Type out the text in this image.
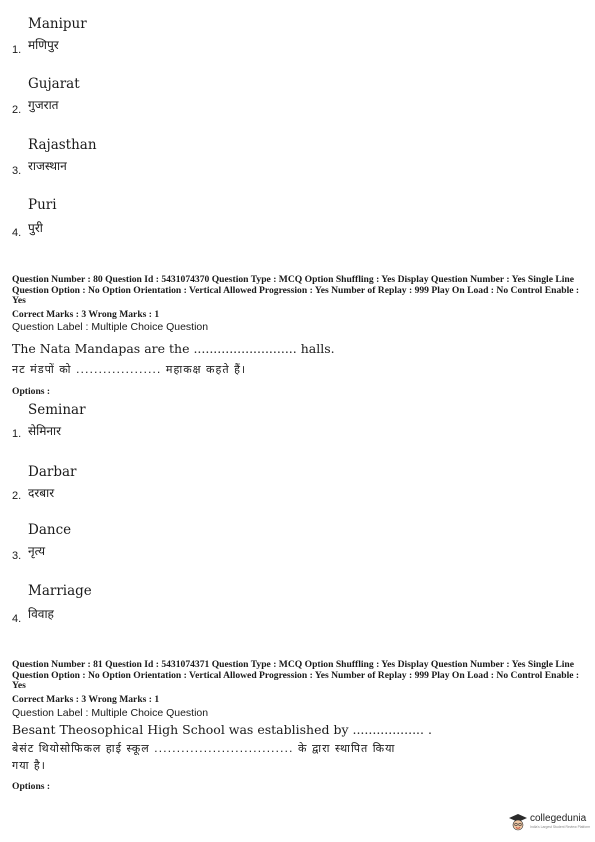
Manipur
1. मणिपुर
Gujarat
2. गुजरात
Rajasthan
3. राजस्थान
Puri
4. पुरी
Question Number : 80 Question Id : 5431074370 Question Type : MCQ Option Shuffling : Yes Display Question Number : Yes Single Line Question Option : No Option Orientation : Vertical Allowed Progression : Yes Number of Replay : 999 Play On Load : No Control Enable : Yes
Correct Marks : 3 Wrong Marks : 1
Question Label : Multiple Choice Question
The Nata Mandapas are the .......................... halls.
नट मंडपों को ................... महाकक्ष कहते हैं।
Options :
Seminar
1. सेमिनार
Darbar
2. दरबार
Dance
3. नृत्य
Marriage
4. विवाह
Question Number : 81 Question Id : 5431074371 Question Type : MCQ Option Shuffling : Yes Display Question Number : Yes Single Line Question Option : No Option Orientation : Vertical Allowed Progression : Yes Number of Replay : 999 Play On Load : No Control Enable : Yes
Correct Marks : 3 Wrong Marks : 1
Question Label : Multiple Choice Question
Besant Theosophical High School was established by .................. .
बेसंट थियोसोफिकल हाई स्कूल ............................... के द्वारा स्थापित किया
गया है।
Options :
collegedunia
India's Largest Student Review Platform
